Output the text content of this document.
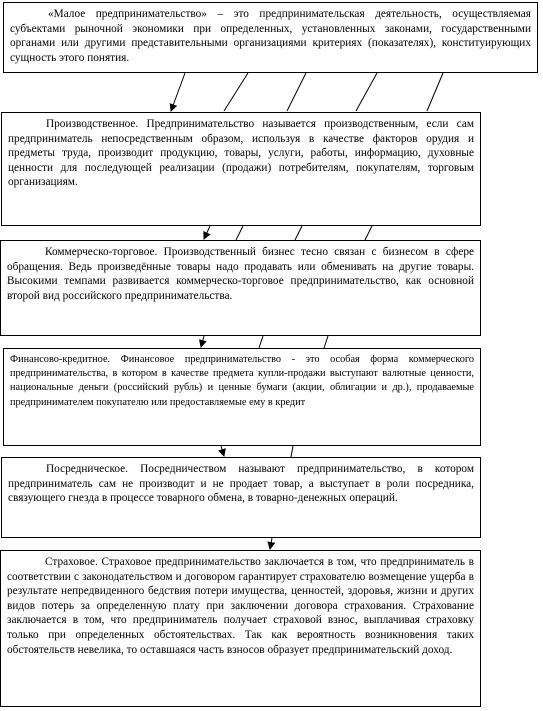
«Малое предпринимательство» – это предпринимательская деятельность, осуществляемая субъектами рыночной экономики при определенных, установленных законами, государственными органами или другими представительными организациями критериях (показателях), конституирующих сущность этого понятия.

Производственное. Предпринимательство называется производственным, если сам предприниматель непосредственным образом, используя в качестве факторов орудия и предметы труда, производит продукцию, товары, услуги, работы, информацию, духовные ценности для последующей реализации (продажи) потребителям, покупателям, торговым организациям.

Коммерческо-торговое. Производственный бизнес тесно связан с бизнесом в сфере обращения. Ведь произведённые товары надо продавать или обменивать на другие товары. Высокими темпами развивается коммерческо-торговое предпринимательство, как основной второй вид российского предпринимательства.

Финансово-кредитное. Финансовое предпринимательство - это особая форма коммерческого предпринимательства, в котором в качестве предмета купли-продажи выступают валютные ценности, национальные деньги (российский рубль) и ценные бумаги (акции, облигации и др.), продаваемые предпринимателем покупателю или предоставляемые ему в кредит

Посредническое. Посредничеством называют предпринимательство, в котором предприниматель сам не производит и не продает товар, а выступает в роли посредника, связующего гнезда в процессе товарного обмена, в товарно-денежных операций.

Страховое. Страховое предпринимательство заключается в том, что предприниматель в соответствии с законодательством и договором гарантирует страхователю возмещение ущерба в результате непредвиденного бедствия потери имущества, ценностей, здоровья, жизни и других видов потерь за определенную плату при заключении договора страхования. Страхование заключается в том, что предприниматель получает страховой взнос, выплачивая страховку только при определенных обстоятельствах. Так как вероятность возникновения таких обстоятельств невелика, то оставшаяся часть взносов образует предпринимательский доход.
